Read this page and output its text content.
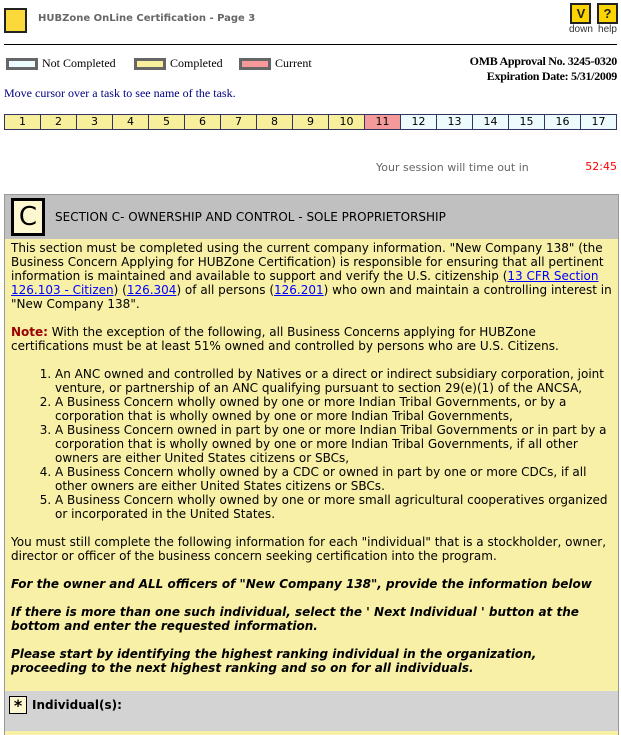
HUBZone OnLine Certification - Page 3	V
down
?
help
Not Completed	Completed	Current	OMB Approval No. 3245-0320
Expiration Date: 5/31/2009
Move cursor over a task to see name of the task.
1	2	3	4	5	6	7	8	9	10	11	12	13	14	15	16	17
Your session will time out in	52:45
C	SECTION C- OWNERSHIP AND CONTROL - SOLE PROPRIETORSHIP

This section must be completed using the current company information. "New Company 138" (the Business Concern Applying for HUBZone Certification) is responsible for ensuring that all pertinent information is maintained and available to support and verify the U.S. citizenship (13 CFR Section 126.103 - Citizen) (126.304) of all persons (126.201) who own and maintain a controlling interest in "New Company 138".

Note: With the exception of the following, all Business Concerns applying for HUBZone certifications must be at least 51% owned and controlled by persons who are U.S. Citizens.

1. An ANC owned and controlled by Natives or a direct or indirect subsidiary corporation, joint venture, or partnership of an ANC qualifying pursuant to section 29(e)(1) of the ANCSA,
2. A Business Concern wholly owned by one or more Indian Tribal Governments, or by a corporation that is wholly owned by one or more Indian Tribal Governments,
3. A Business Concern owned in part by one or more Indian Tribal Governments or in part by a corporation that is wholly owned by one or more Indian Tribal Governments, if all other owners are either United States citizens or SBCs,
4. A Business Concern wholly owned by a CDC or owned in part by one or more CDCs, if all other owners are either United States citizens or SBCs.
5. A Business Concern wholly owned by one or more small agricultural cooperatives organized or incorporated in the United States.

You must still complete the following information for each "individual" that is a stockholder, owner, director or officer of the business concern seeking certification into the program.

For the owner and ALL officers of "New Company 138", provide the information below

If there is more than one such individual, select the ' Next Individual ' button at the bottom and enter the requested information.

Please start by identifying the highest ranking individual in the organization, proceeding to the next highest ranking and so on for all individuals.

* Individual(s):
